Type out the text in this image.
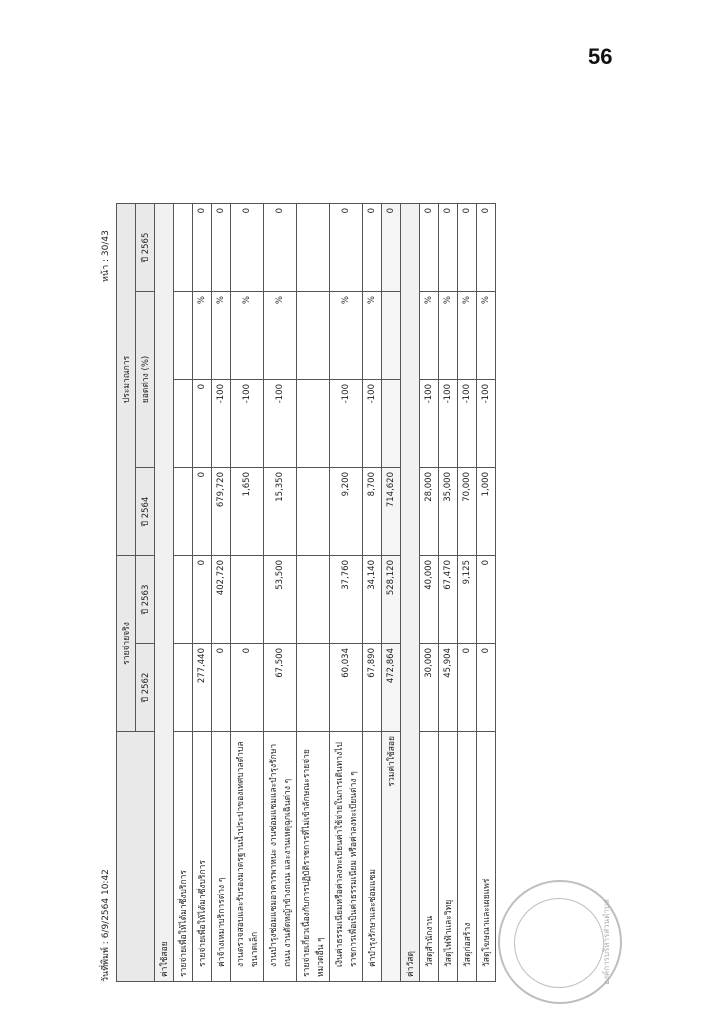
56
วันที่พิมพ์ : 6/9/2564 10:42
หน้า : 30/43
	รายจ่ายจริง		ประมาณการ			
	ปี 2562	ปี 2563	ปี 2564	ยอดต่าง (%)		ปี 2565
ค่าใช้สอย						
รายจ่ายเพื่อให้ได้มาซึ่งบริการ						
รายจ่ายเพื่อให้ได้มาซึ่งบริการ	277,440	0	0	0	%	0
ค่าจ้างเหมาบริการต่าง ๆ	0	402,720	679,720	-100	%	0
งานตรวจสอบและรับรองมาตรฐานน้ำประปาของเทศบาลตำบลขนาดเล็ก	0		1,650	-100	%	0
งานบำรุงซ่อมแซมอาคารพาหนะ งานซ่อมแซมและบำรุงรักษาถนน งานตัดหญ้าข้างถนน และงานเหตุฉุกเฉินต่าง ๆ	67,500	53,500	15,350	-100	%	0
รายจ่ายเกี่ยวเนื่องกับการปฏิบัติราชการที่ไม่เข้าลักษณะรายจ่ายหมวดอื่น ๆ						
เงินค่าธรรมเนียมหรือค่าลงทะเบียนค่าใช้จ่ายในการเดินทางไปราชการเพื่อเป็นค่าธรรมเนียม หรือค่าลงทะเบียนต่าง ๆ	60,034	37,760	9,200	-100	%	0
ค่าบำรุงรักษาและซ่อมแซม	67,890	34,140	8,700	-100	%	0
รวมค่าใช้สอย	472,864	528,120	714,620			0
ค่าวัสดุ						
วัสดุสำนักงาน	30,000	40,000	28,000	-100	%	0
วัสดุไฟฟ้าและวิทยุ	45,904	67,470	35,000	-100	%	0
วัสดุก่อสร้าง	0	9,125	70,000	-100	%	0
วัสดุโฆษณาและเผยแพร่	0	0	1,000	-100	%	0
องค์การบริหารส่วนตำบล
